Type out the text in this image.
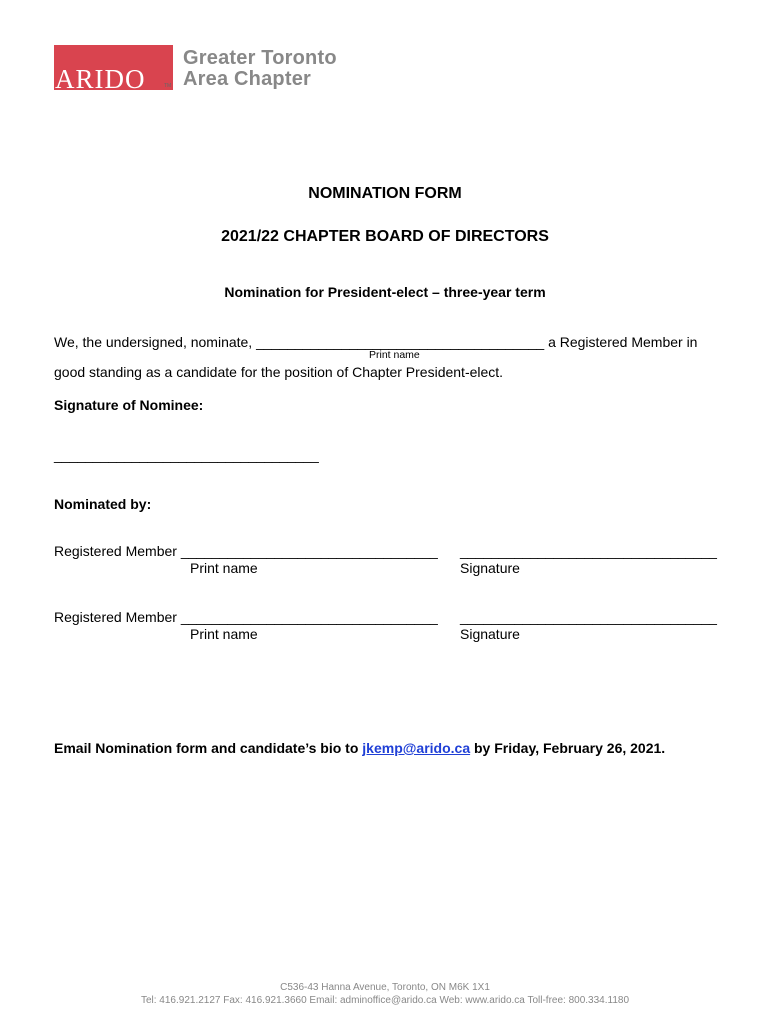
ARIDO	TM
Greater Toronto
Area Chapter
NOMINATION FORM
2021/22 CHAPTER BOARD OF DIRECTORS
Nomination for President-elect – three-year term
We, the undersigned, nominate, _____________________________________ a Registered Member in
Print name
good standing as a candidate for the position of Chapter President-elect.
Signature of Nominee:
__________________________________
Nominated by:
Registered Member _________________________________ _________________________________
Print name	Signature
Registered Member _________________________________ _________________________________
Print name	Signature
Email Nomination form and candidate’s bio to jkemp@arido.ca by Friday, February 26, 2021.
C536-43 Hanna Avenue, Toronto, ON M6K 1X1
Tel: 416.921.2127 Fax: 416.921.3660 Email: adminoffice@arido.ca Web: www.arido.ca Toll-free: 800.334.1180
